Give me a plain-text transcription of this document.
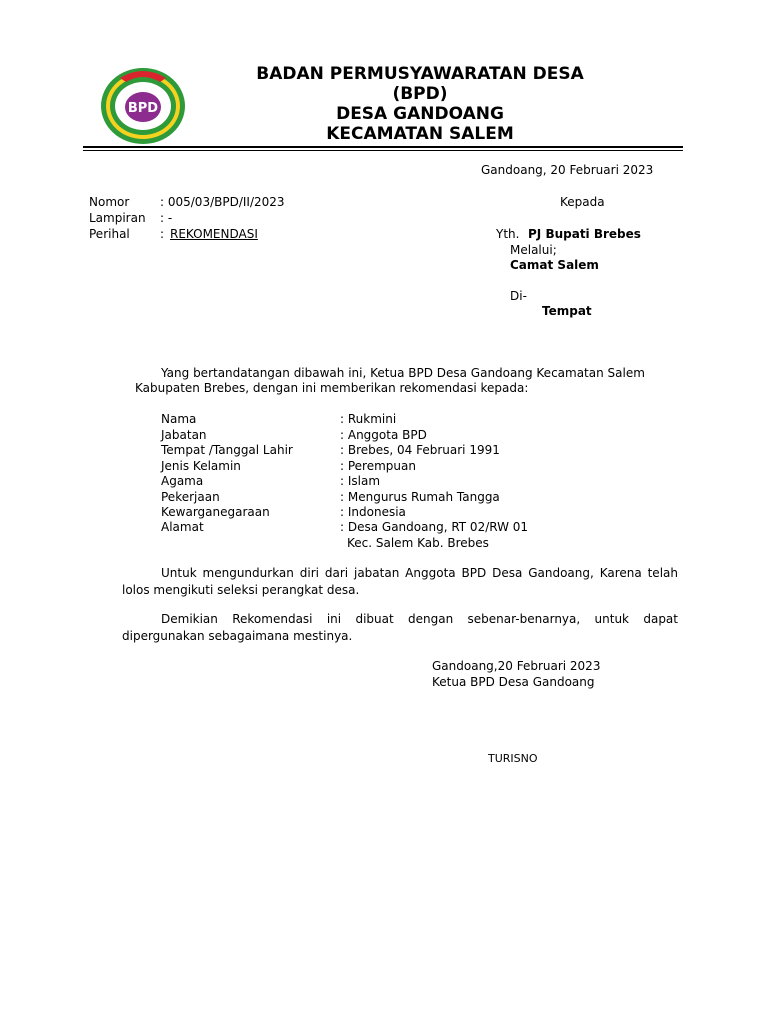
BPD
BADAN PERMUSYAWARATAN DESA
(BPD)
DESA GANDOANG
KECAMATAN SALEM
Gandoang, 20 Februari 2023
Nomor	: 005/03/BPD/II/2023
Lampiran : -
Perihal	: REKOMENDASI
Kepada
Yth. PJ Bupati Brebes
Melalui;
Camat Salem
Di-
Tempat
Yang bertandatangan dibawah ini, Ketua BPD Desa Gandoang Kecamatan Salem
Kabupaten Brebes, dengan ini memberikan rekomendasi kepada:
Nama	: Rukmini
Jabatan	: Anggota BPD
Tempat /Tanggal Lahir	: Brebes, 04 Februari 1991
Jenis Kelamin	: Perempuan
Agama	: Islam
Pekerjaan	: Mengurus Rumah Tangga
Kewarganegaraan	: Indonesia
Alamat	: Desa Gandoang, RT 02/RW 01
Kec. Salem Kab. Brebes
Untuk mengundurkan diri dari jabatan Anggota BPD Desa Gandoang, Karena telah lolos mengikuti seleksi perangkat desa.
Demikian Rekomendasi ini dibuat dengan sebenar-benarnya, untuk dapat dipergunakan sebagaimana mestinya.
Gandoang,20 Februari 2023
Ketua BPD Desa Gandoang
TURISNO
